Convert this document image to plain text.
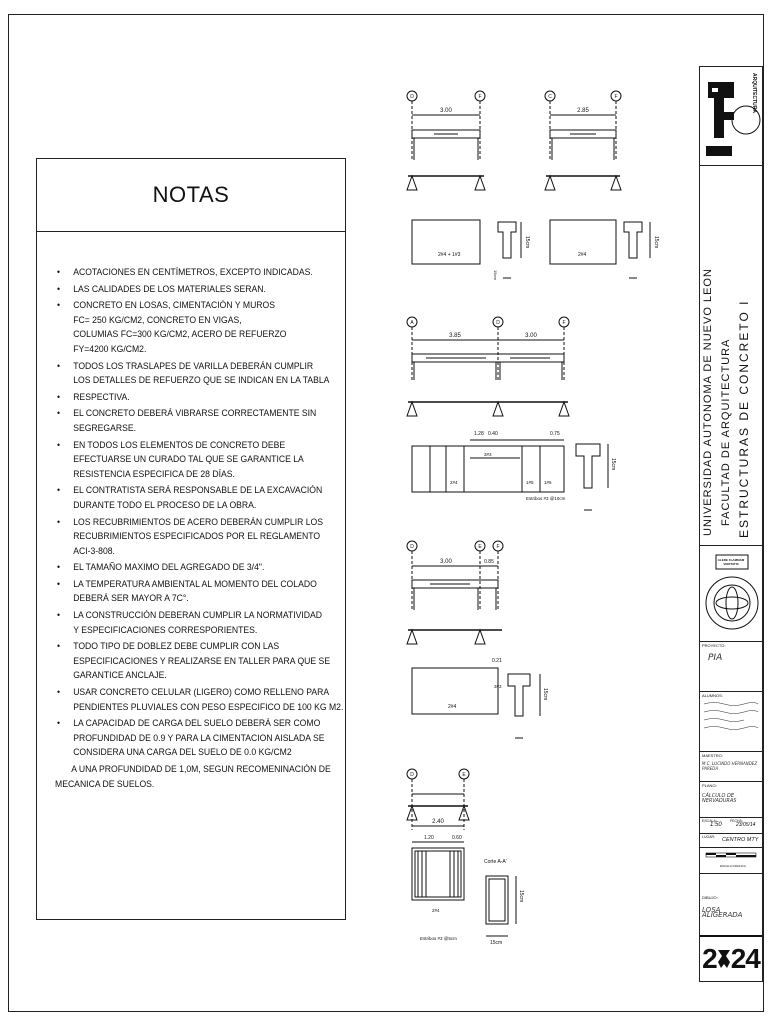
NOTAS
• ACOTACIONES EN CENTÍMETROS, EXCEPTO INDICADAS.
• LAS CALIDADES DE LOS MATERIALES SERAN.
• CONCRETO EN LOSAS, CIMENTACIÓN Y MUROS
FC= 250 KG/CM2, CONCRETO EN VIGAS,
COLUMIAS FC=300 KG/CM2, ACERO DE REFUERZO
FY=4200 KG/CM2.
• TODOS LOS TRASLAPES DE VARILLA DEBERÁN CUMPLIR
LOS DETALLES DE REFUERZO QUE SE INDICAN EN LA TABLA
• RESPECTIVA.
• EL CONCRETO DEBERÁ VIBRARSE CORRECTAMENTE SIN
SEGREGARSE.
• EN TODOS LOS ELEMENTOS DE CONCRETO DEBE
EFECTUARSE UN CURADO TAL QUE SE GARANTICE LA
RESISTENCIA ESPECIFICA DE 28 DÍAS.
• EL CONTRATISTA SERÁ RESPONSABLE DE LA EXCAVACIÓN
DURANTE TODO EL PROCESO DE LA OBRA.
• LOS RECUBRIMIENTOS DE ACERO DEBERÁN CUMPLIR LOS
RECUBRIMIENTOS ESPECIFICADOS POR EL REGLAMENTO
ACI-3-808.
• EL TAMAÑO MAXIMO DEL AGREGADO DE 3/4".
• LA TEMPERATURA AMBIENTAL AL MOMENTO DEL COLADO
DEBERÁ SER MAYOR A 7C°.
• LA CONSTRUCCIÓN DEBERAN CUMPLIR LA NORMATIVIDAD
Y ESPECIFICACIONES CORRESPORIENTES.
• TODO TIPO DE DOBLEZ DEBE CUMPLIR CON LAS
ESPECIFICACIONES Y REALIZARSE EN TALLER PARA QUE SE
GARANTICE ANCLAJE.
• USAR CONCRETO CELULAR (LIGERO) COMO RELLENO PARA
PENDIENTES PLUVIALES CON PESO ESPECIFICO DE 100 KG M2.
• LA CAPACIDAD DE CARGA DEL SUELO DEBERÁ SER COMO
PROFUNDIDAD DE 0.9 Y PARA LA CIMENTACION AISLADA SE
CONSIDERA UNA CARGA DEL SUELO DE 0.0 KG/CM2
A UNA PROFUNDIDAD DE 1,0M, SEGUN RECOMENINACIÓN DE
MECANICA DE SUELOS.
D	F
3.00
2#4 + 1#3
15cm
15cm
C	F
2.85
2#4
15cm
A	D	F
3.85	3.00
1.28 0.40	0.75
3#3
2#4	1#5 1#5
Estribos #3 @10cm
15cm
D	E	F
3.00	0.85
0.21
3#3
2#4
15cm
D	E
2.40
1.20	0.60
2#4
Estribos #3 @5cm
Corte A-A'
15cm
15cm
ARQUITECTURA
UNIVERSIDAD AUTONOMA DE NUEVO LEON FACULTAD DE ARQUITECTURA ESTRUCTURAS DE CONCRETO I
ALERE FLAMMAM VERITATIS
PROYECTO:
PIA
ALUMNOS:
MAESTRO:
M.C. LUCINDO HERNANDEZ PAREDA
PLANO:
CÁLCULO DE NERVADURAS
ESCALA:
1:50
FECHA:
23/05/14
LUGAR: CENTRO MTY
ESCALA GRAFICA
DIBUJO:
LOSA ALIGERADA
2 24
